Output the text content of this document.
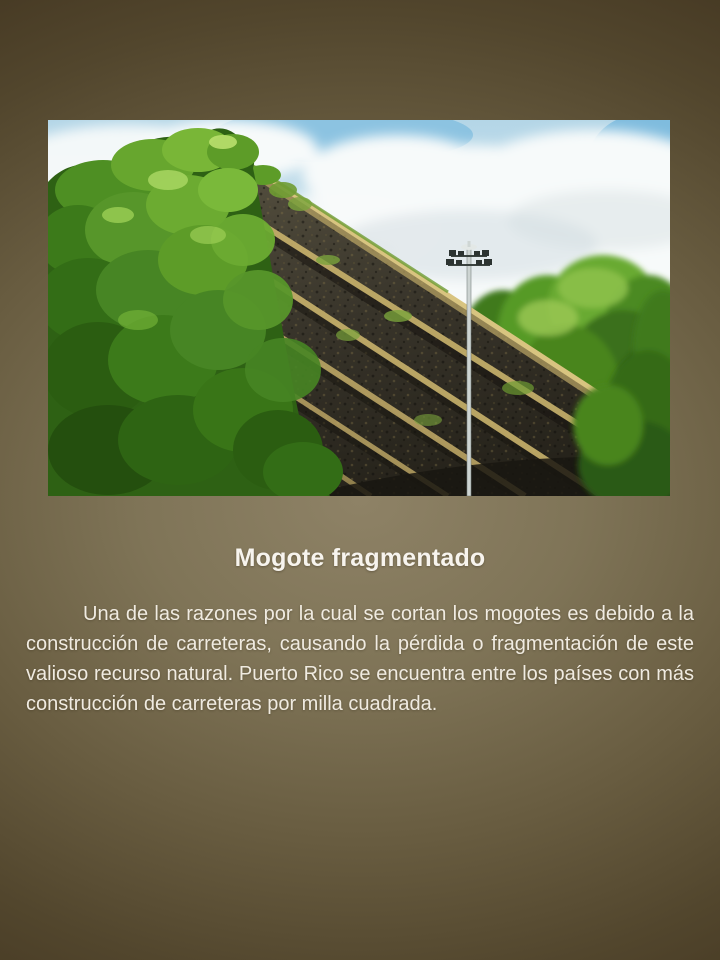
Mogote fragmentado

Una de las razones por la cual se cortan los mogotes es debido a la construcción de carreteras, causando la pérdida o fragmentación de este valioso recurso natural. Puerto Rico se encuentra entre los países con más construcción de carreteras por milla cuadrada.
